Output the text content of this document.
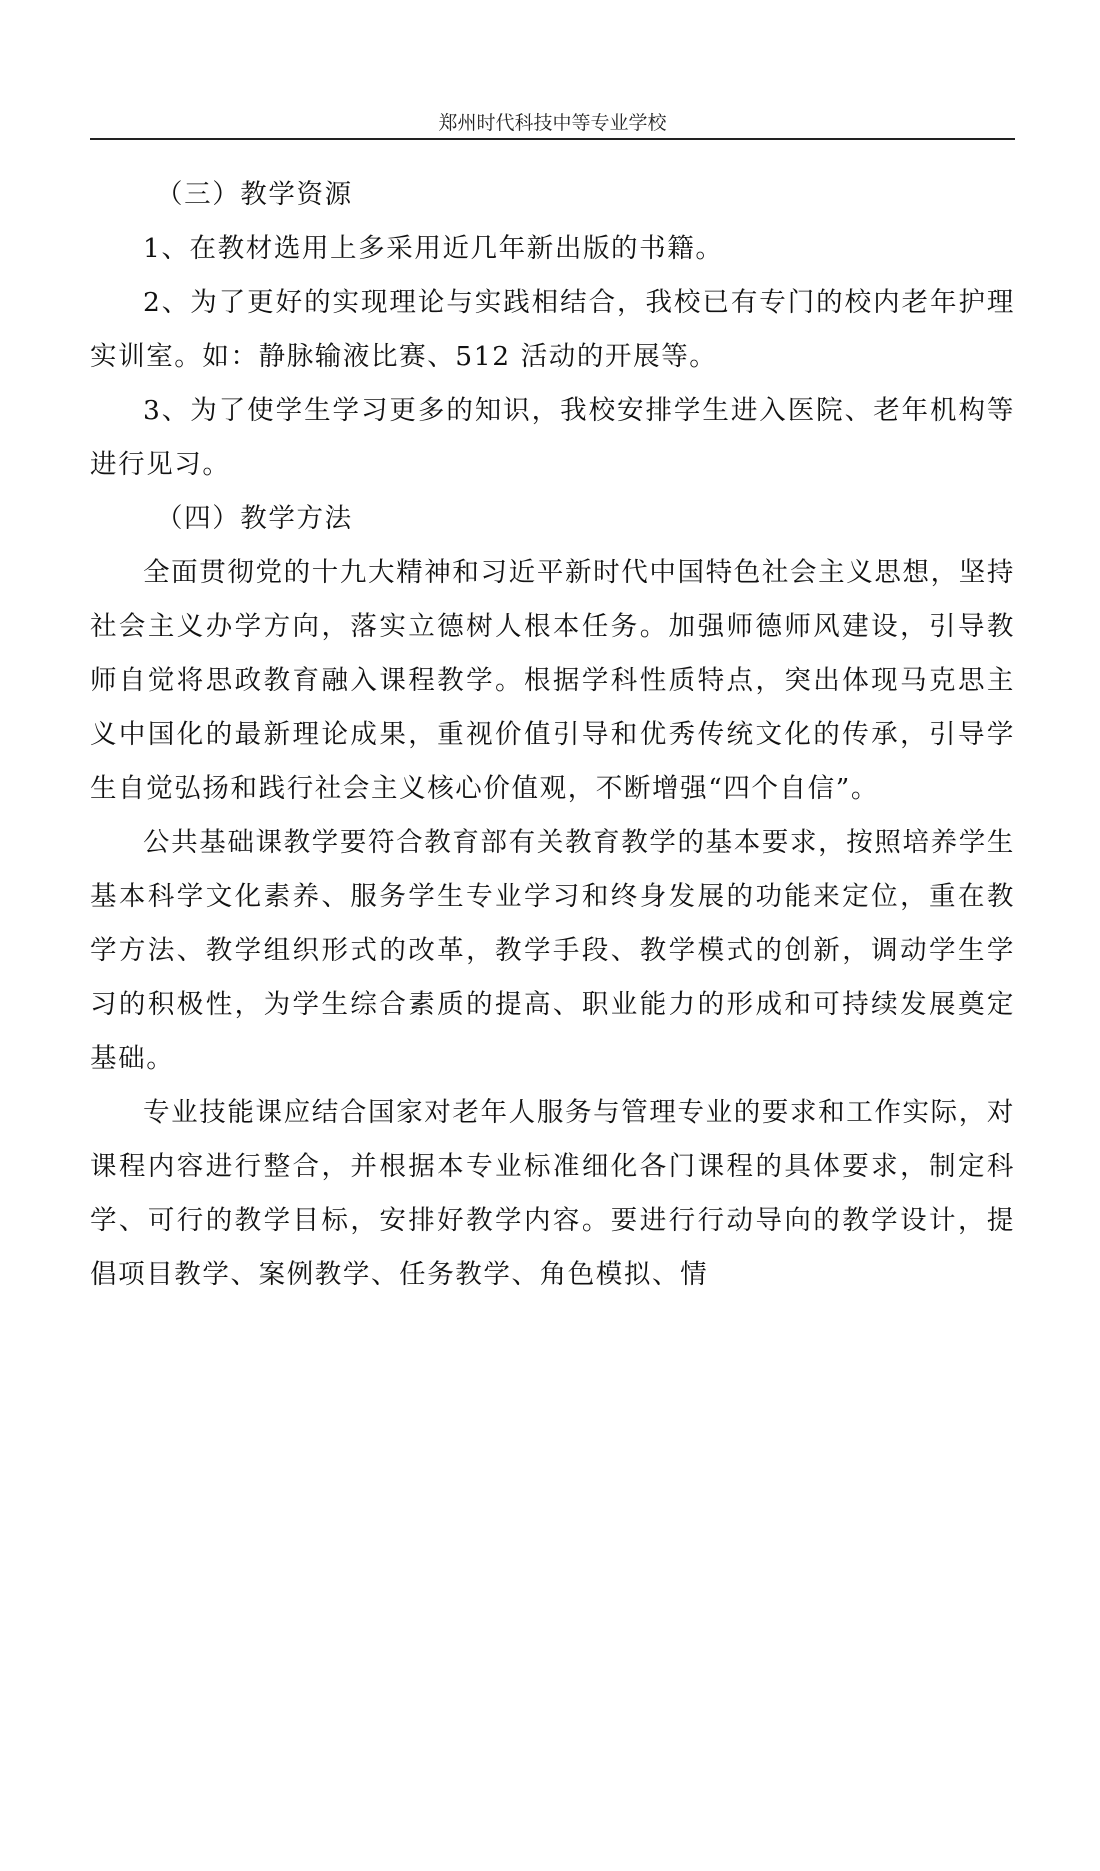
郑州时代科技中等专业学校

（三）教学资源

1、在教材选用上多采用近几年新出版的书籍。

2、为了更好的实现理论与实践相结合，我校已有专门的校内老年护理实训室。如：静脉输液比赛、512 活动的开展等。

3、为了使学生学习更多的知识，我校安排学生进入医院、老年机构等进行见习。

（四）教学方法

全面贯彻党的十九大精神和习近平新时代中国特色社会主义思想，坚持社会主义办学方向，落实立德树人根本任务。加强师德师风建设，引导教师自觉将思政教育融入课程教学。根据学科性质特点，突出体现马克思主义中国化的最新理论成果，重视价值引导和优秀传统文化的传承，引导学生自觉弘扬和践行社会主义核心价值观，不断增强“四个自信”。

公共基础课教学要符合教育部有关教育教学的基本要求，按照培养学生基本科学文化素养、服务学生专业学习和终身发展的功能来定位，重在教学方法、教学组织形式的改革，教学手段、教学模式的创新，调动学生学习的积极性，为学生综合素质的提高、职业能力的形成和可持续发展奠定基础。

专业技能课应结合国家对老年人服务与管理专业的要求和工作实际，对课程内容进行整合，并根据本专业标准细化各门课程的具体要求，制定科学、可行的教学目标，安排好教学内容。要进行行动导向的教学设计，提倡项目教学、案例教学、任务教学、角色模拟、情
